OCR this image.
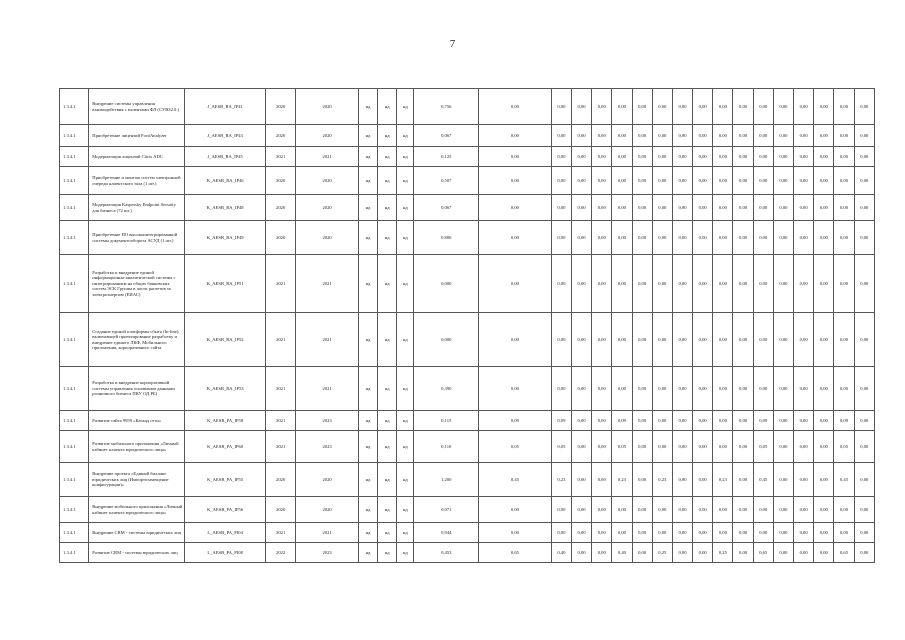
7
1.3.4.1	Внедрение системы управления взаимодействия с клиентами ФЛ (СУВЗ2.0.)	J_AESB_RA_IP41	2020	2020	нд	нд	нд	0,756	0,00	0,00	0,00	0,00	0,00	0,00	0,00	0,00	0,00	0,00	0,00	0,00	0,00	0,00	0,00	0,00	0,00
1.3.4.1	Приобретение лицензий FortiAnalyzer	J_AESB_RA_IP43	2020	2020	нд	нд	нд	0,067	0,00	0,00	0,00	0,00	0,00	0,00	0,00	0,00	0,00	0,00	0,00	0,00	0,00	0,00	0,00	0,00	0,00
1.3.4.1	Модернизация лицензий Citrix ADC	J_AESB_RA_IP45	2021	2021	нд	нд	нд	0,125	0,00	0,00	0,00	0,00	0,00	0,00	0,00	0,00	0,00	0,00	0,00	0,00	0,00	0,00	0,00	0,00	0,00
1.3.4.1	Приобретение и монтаж систем электронной очереди клиентского зала (1 шт.)	K_AESB_RA_IP46	2020	2020	нд	нд	нд	0,507	0,00	0,00	0,00	0,00	0,00	0,00	0,00	0,00	0,00	0,00	0,00	0,00	0,00	0,00	0,00	0,00	0,00
1.3.4.1	Модернизация Kaspersky Endpoint Security для бизнеса (72 шт.)	K_AESB_RA_IP48	2020	2020	нд	нд	нд	0,067	0,00	0,00	0,00	0,00	0,00	0,00	0,00	0,00	0,00	0,00	0,00	0,00	0,00	0,00	0,00	0,00	0,00
1.3.4.1	Приобретение ПО высокоинтегрированной системы документооборота АСУД (1 шт.)	K_AESB_RA_IP49	2020	2020	нд	нд	нд	0,806	0,00	0,00	0,00	0,00	0,00	0,00	0,00	0,00	0,00	0,00	0,00	0,00	0,00	0,00	0,00	0,00	0,00
1.3.4.1	Разработка и внедрение единой информационно-аналитической системы с интегрированием на общих банковских систем ЭСК Группы в части расчетов за электроэнергию (ЕИАС)	K_AESB_RA_IP51	2021	2021	нд	нд	нд	0,000	0,00	0,00	0,00	0,00	0,00	0,00	0,00	0,00	0,00	0,00	0,00	0,00	0,00	0,00	0,00	0,00	0,00
1.3.4.1	Создание единой платформы сбыта (In-line), включающей проектирование разработку и внедрение единого ЛКФ, Мобильного приложения, корпоративного сайта	K_AESB_RA_IP52	2021	2021	нд	нд	нд	0,000	0,00	0,00	0,00	0,00	0,00	0,00	0,00	0,00	0,00	0,00	0,00	0,00	0,00	0,00	0,00	0,00	0,00
1.3.4.1	Разработка и внедрение корпоративной системы управления основными данными розничного бизнеса ПКУ ОД РБ)	K_AESB_RA_IP53	2021	2021	нд	нд	нд	0,390	0,00	0,00	0,00	0,00	0,00	0,00	0,00	0,00	0,00	0,00	0,00	0,00	0,00	0,00	0,00	0,00	0,00
1.3.4.1	Развитие сайта 9959 «Каскад сети»	K_AESB_PA_IP58	2021	2023	нд	нд	нд	0,115	0,09	0,09	0,00	0,00	0,09	0,00	0,00	0,00	0,00	0,00	0,00	0,09	0,00	0,00	0,00	0,09	0,00
1.3.4.1	Развитие мобильного приложения «Личный кабинет клиента юридического лица»	K_AESB_PA_IP60	2021	2023	нд	нд	нд	0,110	0,05	0,05	0,00	0,00	0,05	0,00	0,00	0,00	0,00	0,00	0,00	0,05	0,00	0,00	0,00	0,05	0,00
1.3.4.1	Внедрение проекта «Единый биллинг юридических лиц (Импортозамещение конфигурации)»	K_AESB_PA_IP55	2020	2020	нд	нд	нд	1,200	0,45	0,23	0,00	0,00	0,23	0,00	0,23	0,00	0,00	0,23	0,00	0,45	0,00	0,00	0,00	0,45	0,00
1.3.4.1	Внедрение мобильного приложения «Личный кабинет клиента юридического лица»	K_AESB_PA_IP56	2020	2020	нд	нд	нд	0,071	0,00	0,00	0,00	0,00	0,00	0,00	0,00	0,00	0,00	0,00	0,00	0,00	0,00	0,00	0,00	0,00	0,00
1.3.4.1	Внедрение CRM - системы юридических лиц	L_AESB_PA_PI04	2021	2021	нд	нд	нд	0,944	0,00	0,00	0,00	0,00	0,00	0,00	0,00	0,00	0,00	0,00	0,00	0,00	0,00	0,00	0,00	0,00	0,00
1.3.4.1	Развитие CRM - системы юридических лиц	L_AESB_PA_PI08	2022	2023	нд	нд	нд	0,453	0,65	0,40	0,00	0,00	0,40	0,00	0,25	0,00	0,00	0,25	0,00	0,65	0,00	0,00	0,00	0,65	0,00
